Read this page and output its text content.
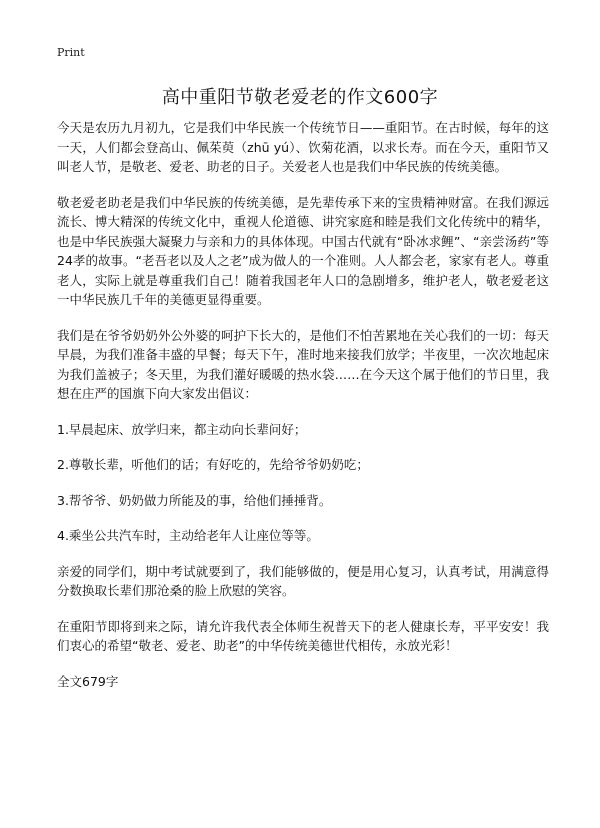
Print
高中重阳节敬老爱老的作文600字

今天是农历九月初九，它是我们中华民族一个传统节日——重阳节。在古时候，每年的这一天，人们都会登高山、佩茱萸（zhū yú）、饮菊花酒，以求长寿。而在今天，重阳节又叫老人节，是敬老、爱老、助老的日子。关爱老人也是我们中华民族的传统美德。

敬老爱老助老是我们中华民族的传统美德，是先辈传承下来的宝贵精神财富。在我们源远流长、博大精深的传统文化中，重视人伦道德、讲究家庭和睦是我们文化传统中的精华，也是中华民族强大凝聚力与亲和力的具体体现。中国古代就有“卧冰求鲤”、“亲尝汤药”等24孝的故事。“老吾老以及人之老”成为做人的一个准则。人人都会老，家家有老人。尊重老人，实际上就是尊重我们自己！随着我国老年人口的急剧增多，维护老人，敬老爱老这一中华民族几千年的美德更显得重要。

我们是在爷爷奶奶外公外婆的呵护下长大的，是他们不怕苦累地在关心我们的一切：每天早晨，为我们准备丰盛的早餐；每天下午，准时地来接我们放学；半夜里，一次次地起床为我们盖被子；冬天里，为我们灌好暖暖的热水袋……在今天这个属于他们的节日里，我想在庄严的国旗下向大家发出倡议：

1.早晨起床、放学归来，都主动向长辈问好；

2.尊敬长辈，听他们的话；有好吃的，先给爷爷奶奶吃；

3.帮爷爷、奶奶做力所能及的事，给他们捶捶背。

4.乘坐公共汽车时，主动给老年人让座位等等。

亲爱的同学们，期中考试就要到了，我们能够做的，便是用心复习，认真考试，用满意得分数换取长辈们那沧桑的脸上欣慰的笑容。

在重阳节即将到来之际，请允许我代表全体师生祝普天下的老人健康长寿，平平安安！我们衷心的希望“敬老、爱老、助老”的中华传统美德世代相传，永放光彩！

全文679字
